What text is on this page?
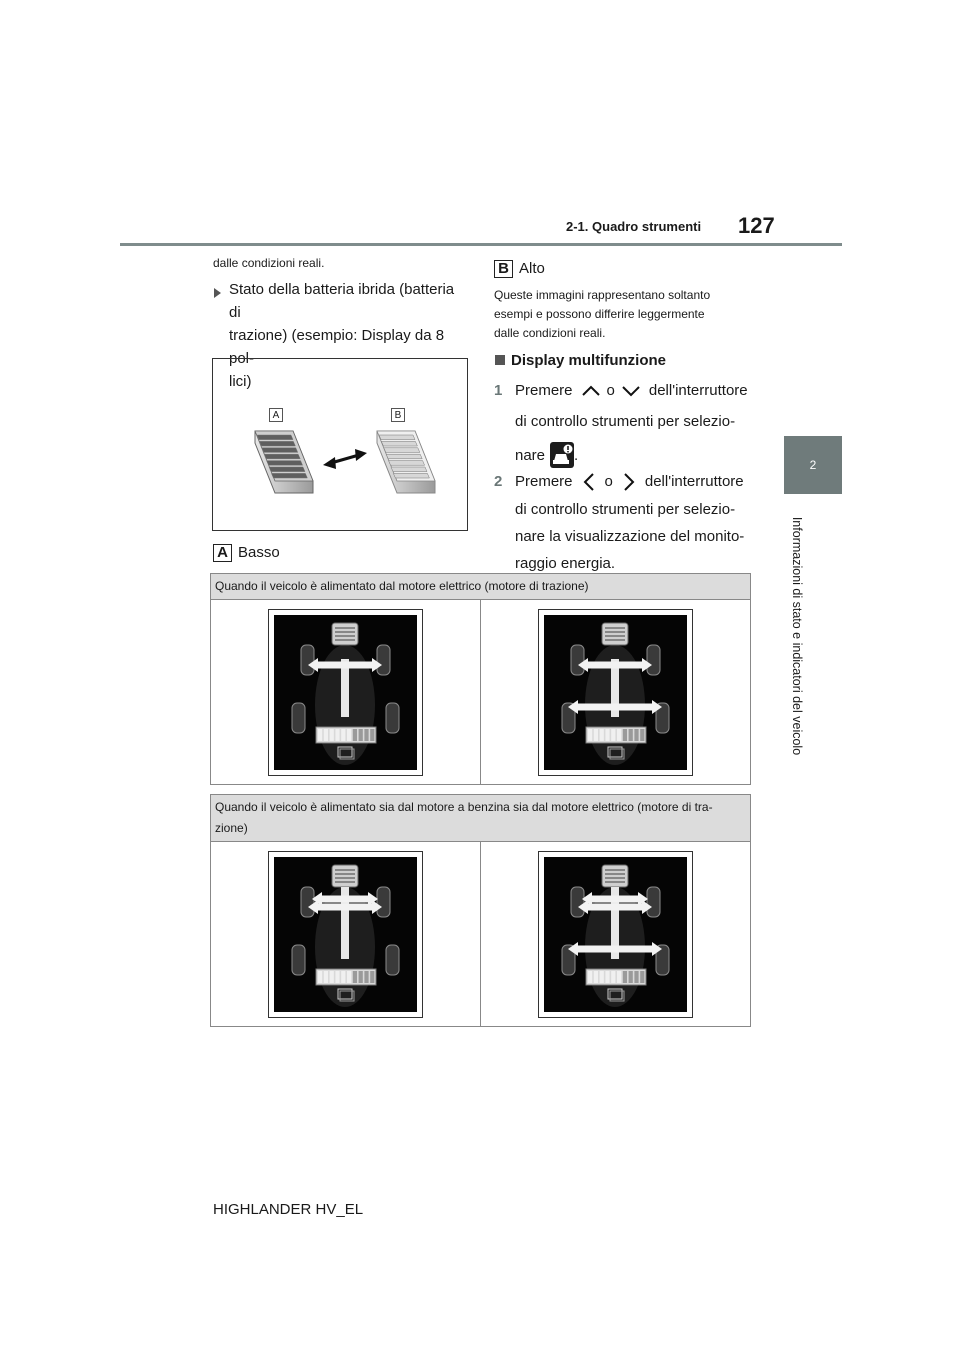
2-1. Quadro strumenti 127
2
Informazioni di stato e indicatori del veicolo
dalle condizioni reali.
Stato della batteria ibrida (batteria di
trazione) (esempio: Display da 8 pol-
lici)
A	B
A Basso
B Alto
Queste immagini rappresentano soltanto
esempi e possono differire leggermente
dalle condizioni reali.
Display multifunzione
1 Premere o dell'interruttore
di controllo strumenti per selezio-
nare .
2 Premere o dell'interruttore
di controllo strumenti per selezio-
nare la visualizzazione del monito-
raggio energia.
Quando il veicolo è alimentato dal motore elettrico (motore di trazione)

Quando il veicolo è alimentato sia dal motore a benzina sia dal motore elettrico (motore di tra-
zione)

HIGHLANDER HV_EL
